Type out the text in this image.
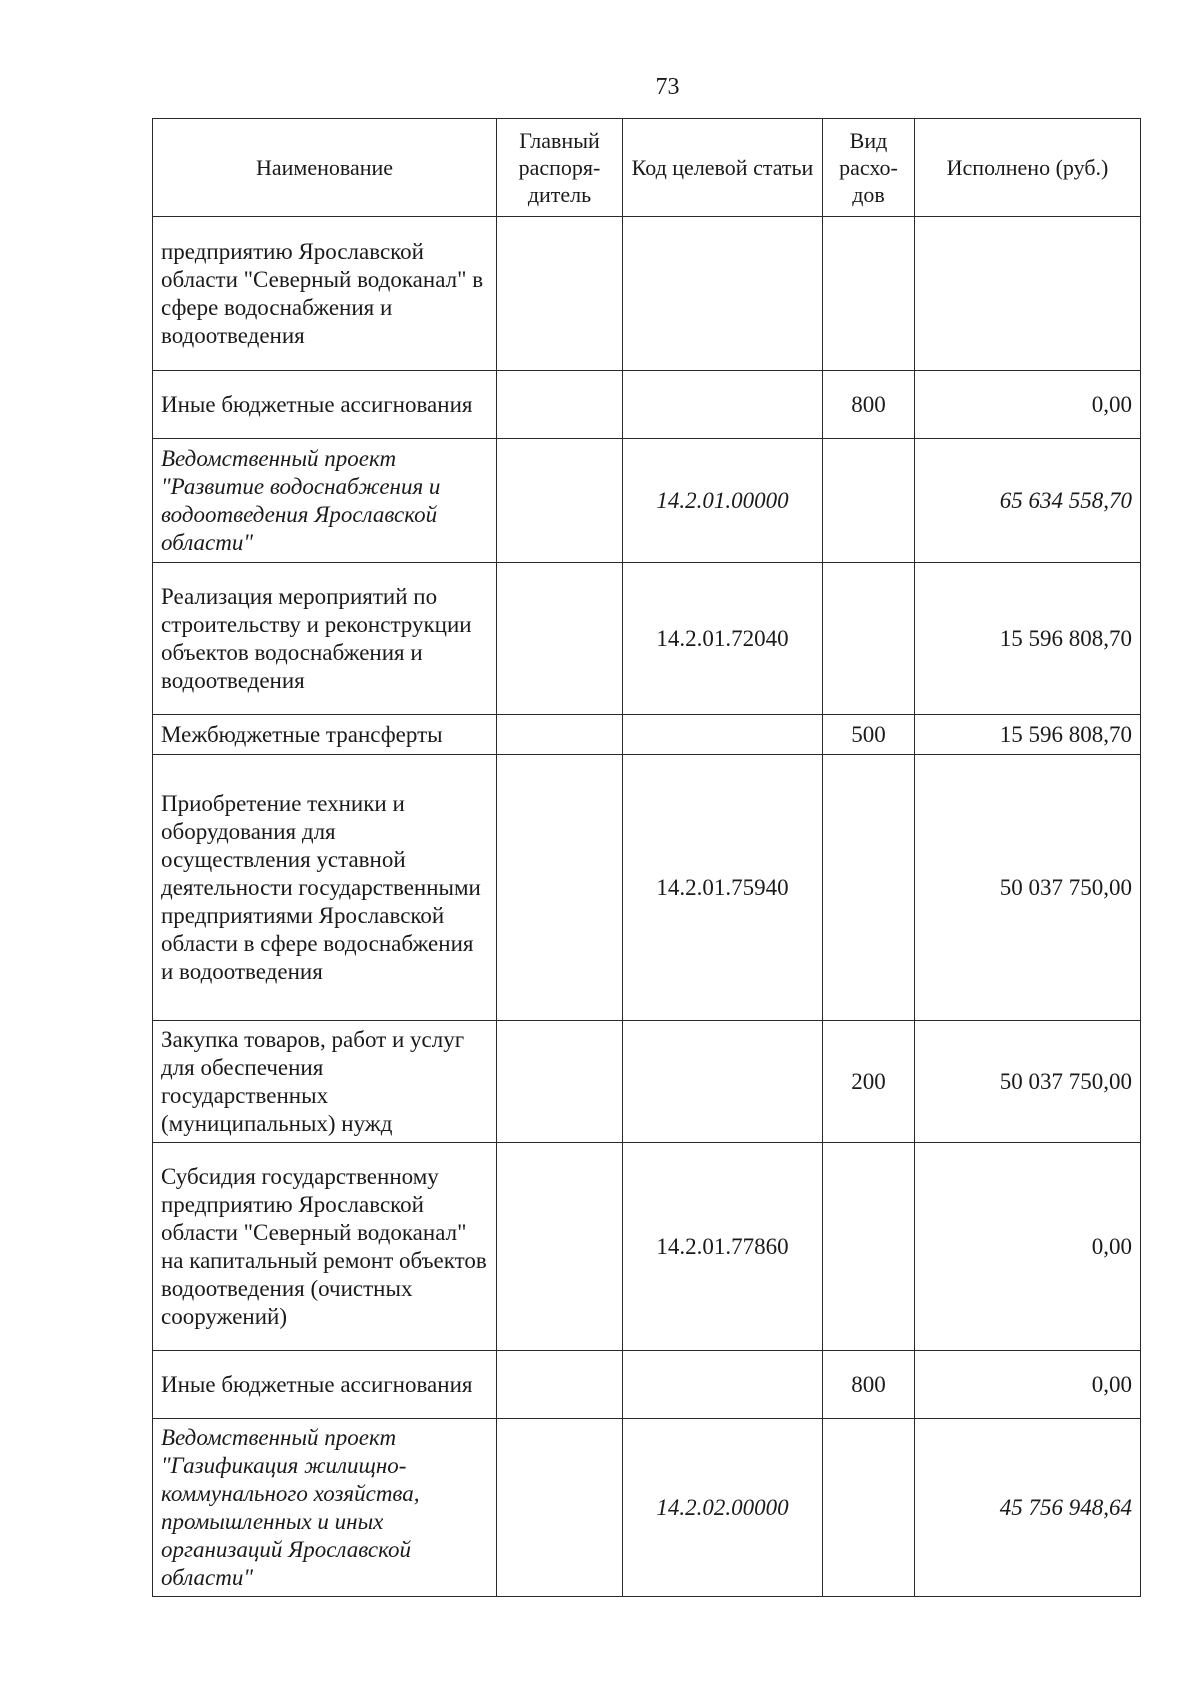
73
Наименование	Главный распоря-дитель	Код целевой статьи	Вид расхо-дов	Исполнено (руб.)
предприятию Ярославской области "Северный водоканал" в сфере водоснабжения и водоотведения				
Иные бюджетные ассигнования			800	0,00
Ведомственный проект "Развитие водоснабжения и водоотведения Ярославской области"		14.2.01.00000		65 634 558,70
Реализация мероприятий по строительству и реконструкции объектов водоснабжения и водоотведения		14.2.01.72040		15 596 808,70
Межбюджетные трансферты			500	15 596 808,70
Приобретение техники и оборудования для осуществления уставной деятельности государственными предприятиями Ярославской области в сфере водоснабжения и водоотведения		14.2.01.75940		50 037 750,00
Закупка товаров, работ и услуг для обеспечения государственных (муниципальных) нужд			200	50 037 750,00
Субсидия государственному предприятию Ярославской области "Северный водоканал" на капитальный ремонт объектов водоотведения (очистных сооружений)		14.2.01.77860		0,00
Иные бюджетные ассигнования			800	0,00
Ведомственный проект "Газификация жилищно-коммунального хозяйства, промышленных и иных организаций Ярославской области"		14.2.02.00000		45 756 948,64
